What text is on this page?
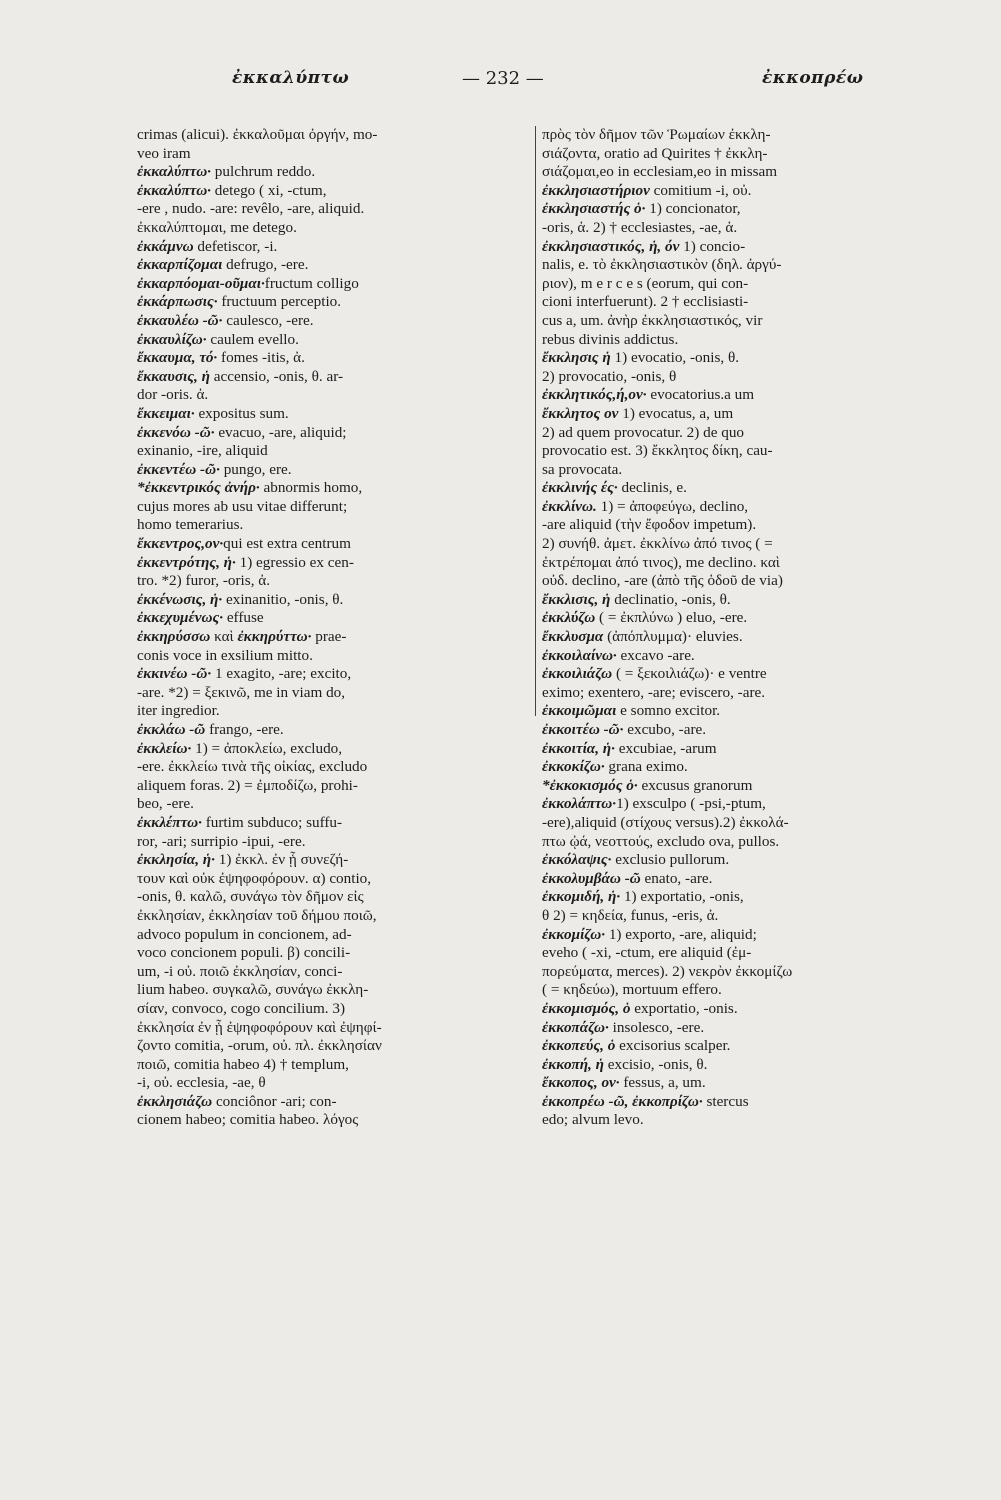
ἐκκαλύπτω	— 232 —	ἐκκοπρέω
crimas (alicui). ἐκκαλοῦμαι ὀργήν, mo-
veo iram
ἐκκαλύπτω· pulchrum reddo.
ἐκκαλύπτω· detego ( xi, -ctum,
-ere , nudo. -are: revêlo, -are, aliquid.
ἐκκαλύπτομαι, me detego.
ἐκκάμνω defetiscor, -i.
ἐκκαρπίζομαι defrugo, -ere.
ἐκκαρπόομαι-οῦμαι·fructum colligo
ἐκκάρπωσις· fructuum perceptio.
ἐκκαυλέω -ῶ· caulesco, -ere.
ἐκκαυλίζω· caulem evello.
ἔκκαυμα, τό· fomes -itis, ἀ.
ἔκκαυσις, ἡ accensio, -onis, θ. ar-
dor -oris. ἀ.
ἔκκειμαι· expositus sum.
ἐκκενόω -ῶ· evacuo, -are, aliquid;
exinanio, -ire, aliquid
ἐκκεντέω -ῶ· pungo, ere.
*ἐκκεντρικός ἀνήρ· abnormis homo,
cujus mores ab usu vitae differunt;
homo temerarius.
ἔκκεντρος,ον·qui est extra centrum
ἐκκεντρότης, ἡ· 1) egressio ex cen-
tro. *2) furor, -oris, ἀ.
ἐκκένωσις, ἡ· exinanitio, -onis, θ.
ἐκκεχυμένως· effuse
ἐκκηρύσσω καὶ ἐκκηρύττω· prae-
conis voce in exsilium mitto.
ἐκκινέω -ῶ· 1 exagito, -are; excito,
-are. *2) = ξεκινῶ, me in viam do,
iter ingredior.
ἐκκλάω -ῶ frango, -ere.
ἐκκλείω· 1) = ἀποκλείω, excludo,
-ere. ἐκκλείω τινὰ τῆς οἰκίας, excludo
aliquem foras. 2) = ἐμποδίζω, prohi-
beo, -ere.
ἐκκλέπτω· furtim subduco; suffu-
ror, -ari; surripio -ipui, -ere.
ἐκκλησία, ἡ· 1) ἐκκλ. ἐν ᾗ συνεζή-
τουν καὶ οὐκ ἐψηφοφόρουν. α) contio,
-onis, θ. καλῶ, συνάγω τὸν δῆμον εἰς
ἐκκλησίαν, ἐκκλησίαν τοῦ δήμου ποιῶ,
advoco populum in concionem, ad-
voco concionem populi. β) concili-
um, -i οὐ. ποιῶ ἐκκλησίαν, conci-
lium habeo. συγκαλῶ, συνάγω ἐκκλη-
σίαν, convoco, cogo concilium. 3)
ἐκκλησία ἐν ᾗ ἐψηφοφόρουν καὶ ἐψηφί-
ζοντο comitia, -orum, οὐ. πλ. ἐκκλησίαν
ποιῶ, comitia habeo 4) † templum,
-i, οὐ. ecclesia, -ae, θ
ἐκκλησιάζω conciônor -ari; con-
cionem habeo; comitia habeo. λόγος
πρὸς τὸν δῆμον τῶν Ῥωμαίων ἐκκλη-
σιάζοντα, oratio ad Quirites † ἐκκλη-
σιάζομαι,eo in ecclesiam,eo in missam
ἐκκλησιαστήριον comitium -i, οὐ.
ἐκκλησιαστής ὁ· 1) concionator,
-oris, ἀ. 2) † ecclesiastes, -ae, ἀ.
ἐκκλησιαστικός, ἡ, όν 1) concio-
nalis, e. τὸ ἐκκλησιαστικὸν (δηλ. ἀργύ-
ριον), m e r c e s (eorum, qui con-
cioni interfuerunt). 2 † ecclisiasti-
cus a, um. ἀνὴρ ἐκκλησιαστικός, vir
rebus divinis addictus.
ἔκκλησις ἡ 1) evocatio, -onis, θ.
2) provocatio, -onis, θ
ἐκκλητικός,ή,ον· evocatorius.a um
ἔκκλητος ον 1) evocatus, a, um
2) ad quem provocatur. 2) de quo
provocatio est. 3) ἔκκλητος δίκη, cau-
sa provocata.
ἐκκλινής ές· declinis, e.
ἐκκλίνω. 1) = ἀποφεύγω, declino,
-are aliquid (τὴν ἔφοδον impetum).
2) συνήθ. ἀμετ. ἐκκλίνω ἀπό τινος ( =
ἐκτρέπομαι ἀπό τινος), me declino. καὶ
οὐδ. declino, -are (ἀπὸ τῆς ὁδοῦ de via)
ἔκκλισις, ἡ declinatio, -onis, θ.
ἐκκλύζω ( = ἐκπλύνω ) eluo, -ere.
ἔκκλυσμα (ἀπόπλυμμα)· eluvies.
ἐκκοιλαίνω· excavo -are.
ἐκκοιλιάζω ( = ξεκοιλιάζω)· e ventre
eximo; exentero, -are; eviscero, -are.
ἐκκοιμῶμαι e somno excitor.
ἐκκοιτέω -ῶ· excubo, -are.
ἐκκοιτία, ἡ· excubiae, -arum
ἐκκοκίζω· grana eximo.
*ἐκκοκισμός ὁ· excusus granorum
ἐκκολάπτω·1) exsculpo ( -psi,-ptum,
-ere),aliquid (στίχους versus).2) ἐκκολά-
πτω ᾠά, νεοττούς, excludo ova, pullos.
ἐκκόλαψις· exclusio pullorum.
ἐκκολυμβάω -ῶ enato, -are.
ἐκκομιδή, ἡ· 1) exportatio, -onis,
θ 2) = κηδεία, funus, -eris, ἀ.
ἐκκομίζω· 1) exporto, -are, aliquid;
eveho ( -xi, -ctum, ere aliquid (ἐμ-
πορεύματα, merces). 2) νεκρὸν ἐκκομίζω
( = κηδεύω), mortuum effero.
ἐκκομισμός, ὁ exportatio, -onis.
ἐκκοπάζω· insolesco, -ere.
ἐκκοπεύς, ὁ excisorius scalper.
ἐκκοπή, ἡ excisio, -onis, θ.
ἔκκοπος, ον· fessus, a, um.
ἐκκοπρέω -ῶ, ἐκκοπρίζω· stercus
edo; alvum levo.
